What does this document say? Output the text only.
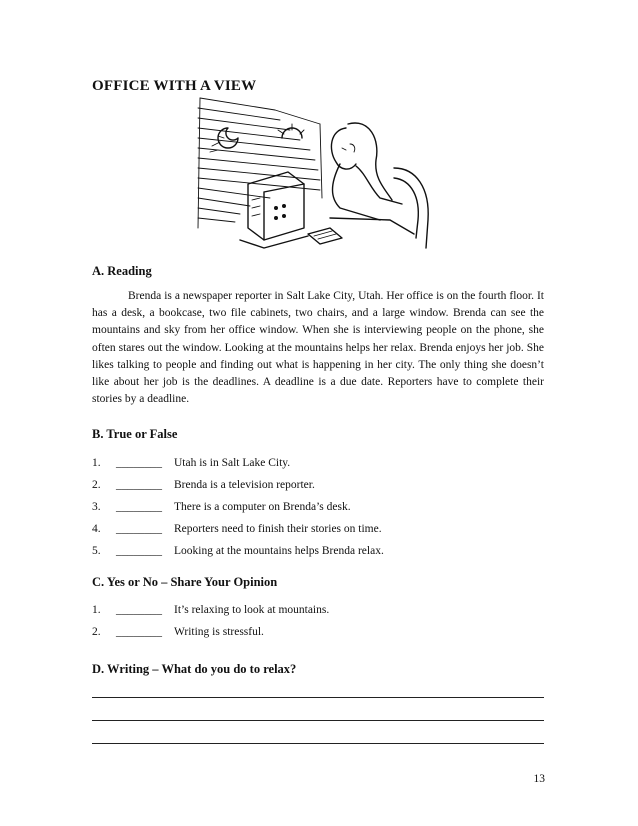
OFFICE WITH A VIEW
A. Reading

Brenda is a newspaper reporter in Salt Lake City, Utah. Her office is on the fourth floor. It has a desk, a bookcase, two file cabinets, two chairs, and a large window. Brenda can see the mountains and sky from her office window. When she is interviewing people on the phone, she often stares out the window. Looking at the mountains helps her relax. Brenda enjoys her job. She likes talking to people and finding out what is happening in her city. The only thing she doesn’t like about her job is the deadlines. A deadline is a due date. Reporters have to complete their stories by a deadline.

B. True or False
1.	________	Utah is in Salt Lake City.
2.	________	Brenda is a television reporter.
3.	________	There is a computer on Brenda’s desk.
4.	________	Reporters need to finish their stories on time.
5.	________	Looking at the mountains helps Brenda relax.
C. Yes or No – Share Your Opinion
1.	________	It’s relaxing to look at mountains.
2.	________	Writing is stressful.
D. Writing – What do you do to relax?
13
